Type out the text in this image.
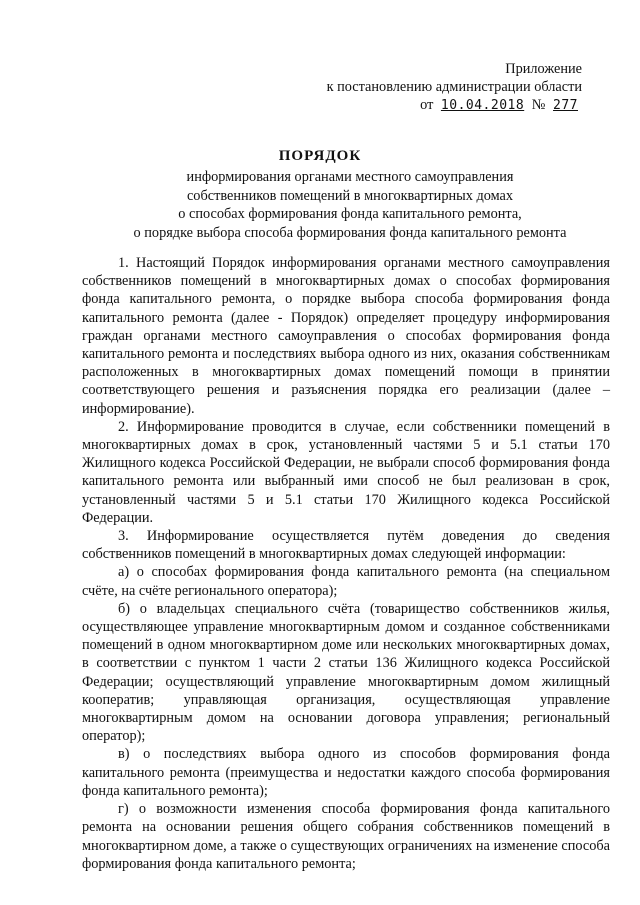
Приложение
к постановлению администрации области
от 10.04.2018 № 277
ПОРЯДОК
информирования органами местного самоуправления
собственников помещений в многоквартирных домах
о способах формирования фонда капитального ремонта,
о порядке выбора способа формирования фонда капитального ремонта

1. Настоящий Порядок информирования органами местного самоуправления собственников помещений в многоквартирных домах о способах формирования фонда капитального ремонта, о порядке выбора способа формирования фонда капитального ремонта (далее - Порядок) определяет процедуру информирования граждан органами местного самоуправления о способах формирования фонда капитального ремонта и последствиях выбора одного из них, оказания собственникам расположенных в многоквартирных домах помещений помощи в принятии соответствующего решения и разъяснения порядка его реализации (далее – информирование).

2. Информирование проводится в случае, если собственники помещений в многоквартирных домах в срок, установленный частями 5 и 5.1 статьи 170 Жилищного кодекса Российской Федерации, не выбрали способ формирования фонда капитального ремонта или выбранный ими способ не был реализован в срок, установленный частями 5 и 5.1 статьи 170 Жилищного кодекса Российской Федерации.

3. Информирование осуществляется путём доведения до сведения собственников помещений в многоквартирных домах следующей информации:

а) о способах формирования фонда капитального ремонта (на специальном счёте, на счёте регионального оператора);

б) о владельцах специального счёта (товарищество собственников жилья, осуществляющее управление многоквартирным домом и созданное собственниками помещений в одном многоквартирном доме или нескольких многоквартирных домах, в соответствии с пунктом 1 части 2 статьи 136 Жилищного кодекса Российской Федерации; осуществляющий управление многоквартирным домом жилищный кооператив; управляющая организация, осуществляющая управление многоквартирным домом на основании договора управления; региональный оператор);

в) о последствиях выбора одного из способов формирования фонда капитального ремонта (преимущества и недостатки каждого способа формирования фонда капитального ремонта);

г) о возможности изменения способа формирования фонда капитального ремонта на основании решения общего собрания собственников помещений в многоквартирном доме, а также о существующих ограничениях на изменение способа формирования фонда капитального ремонта;
